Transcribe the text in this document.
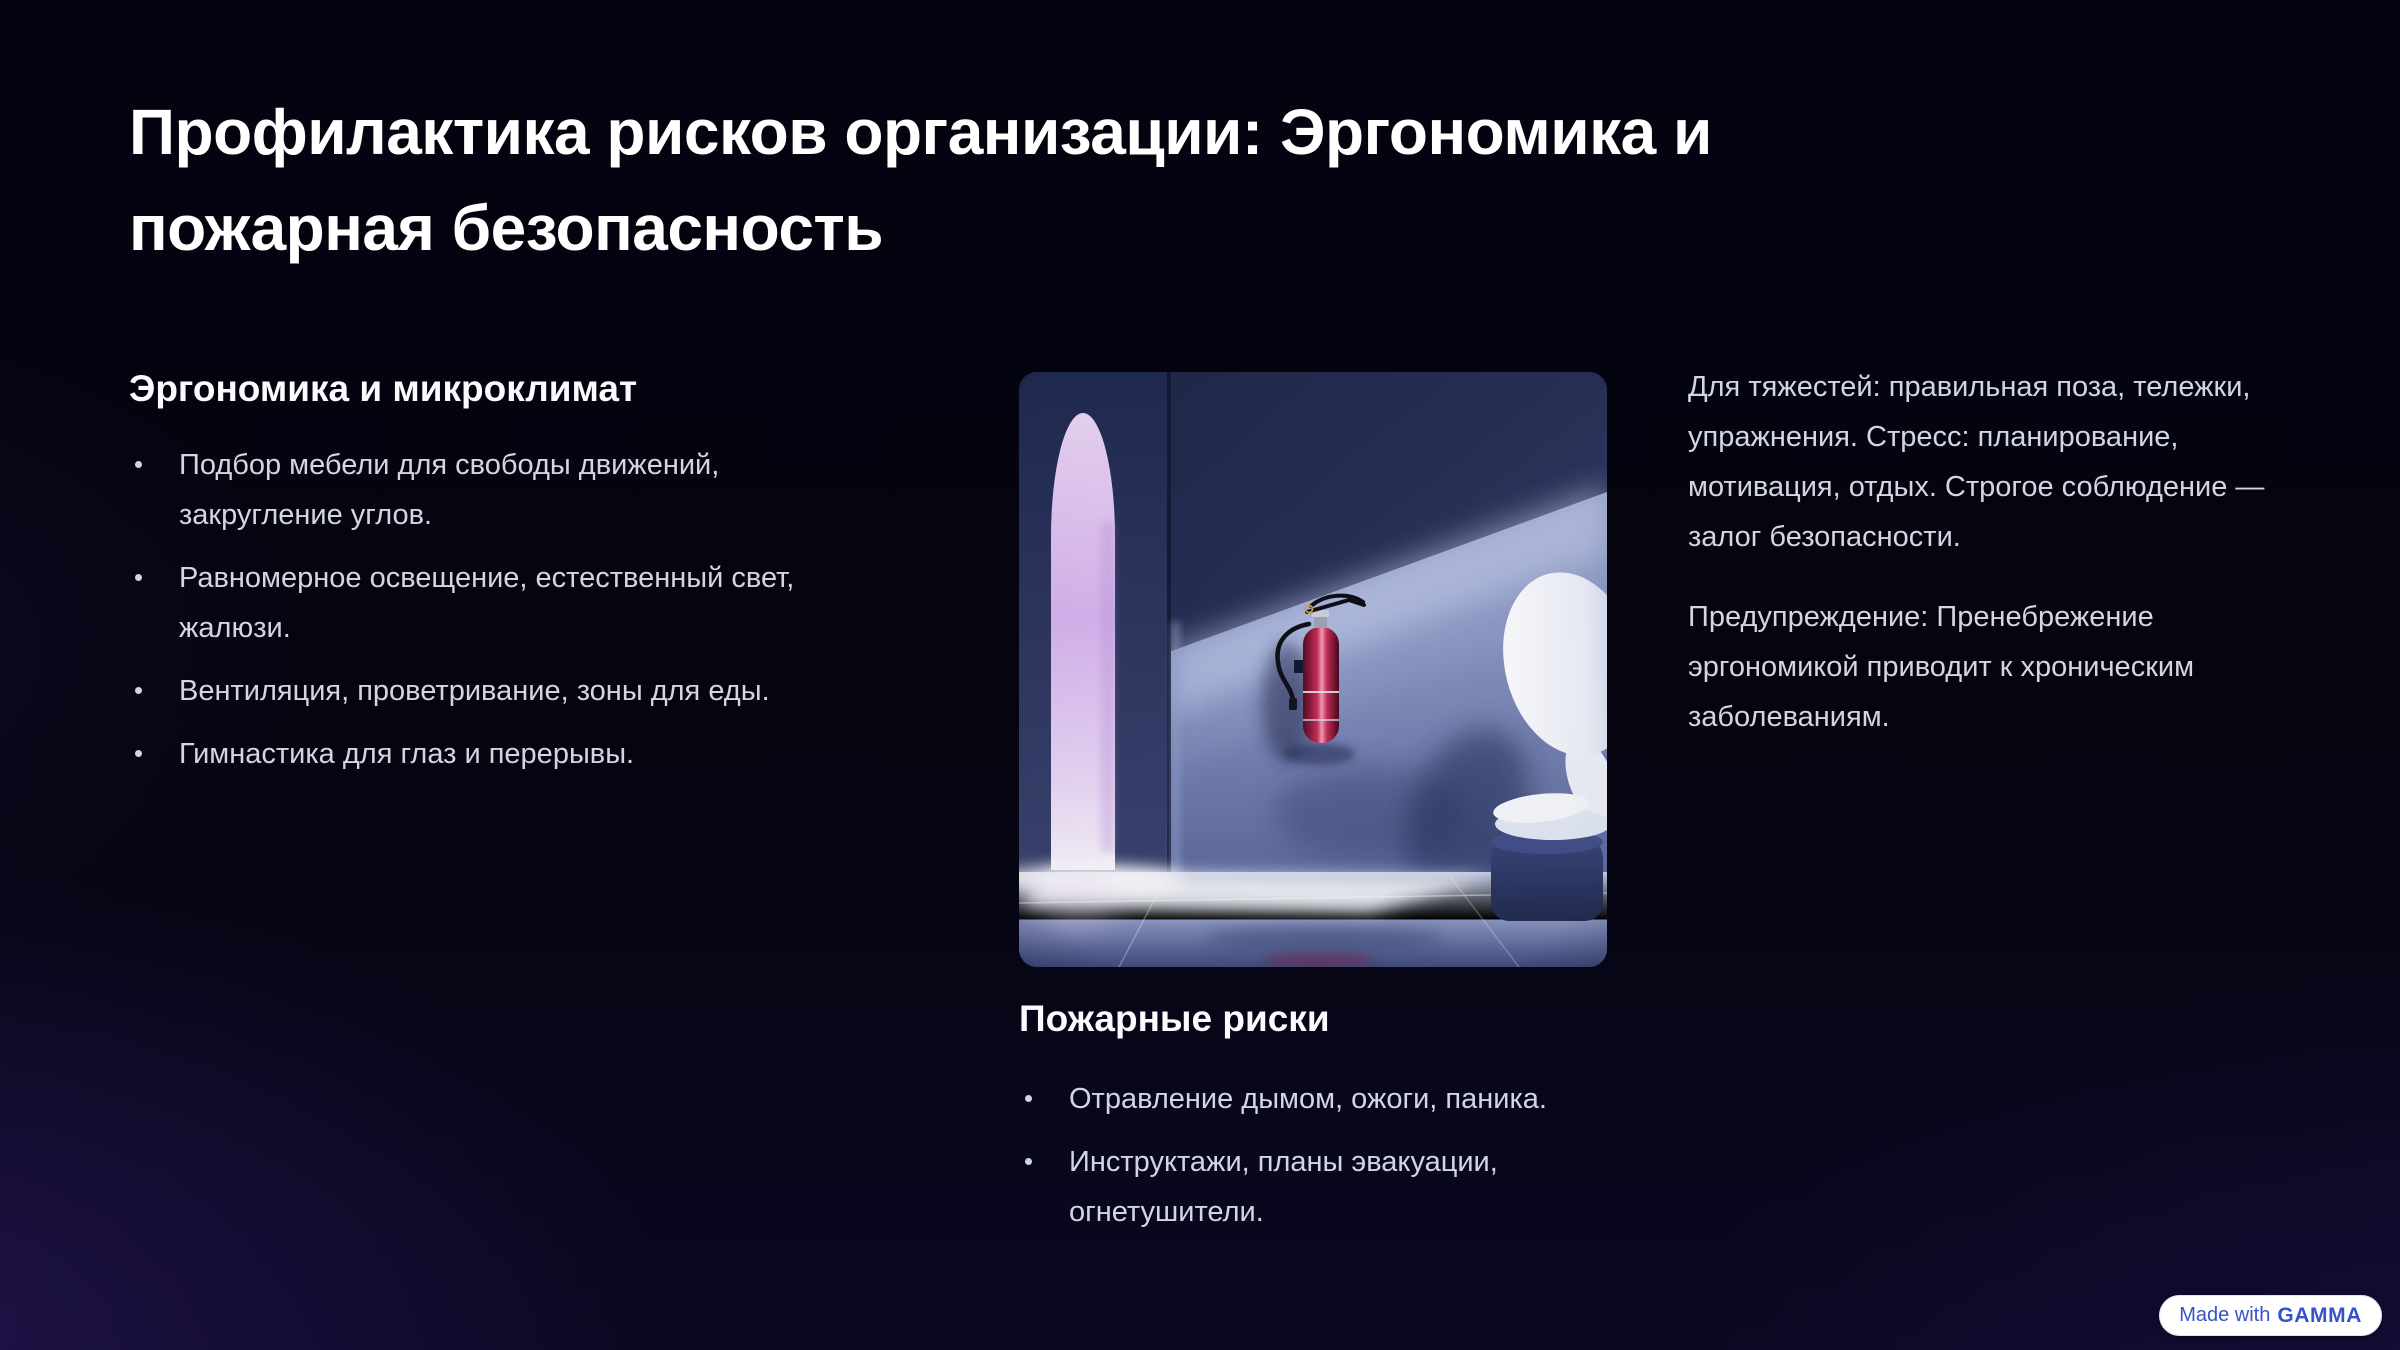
Профилактика рисков организации: Эргономика и
пожарная безопасность
Эргономика и микроклимат
Подбор мебели для свободы движений, закругление углов.
Равномерное освещение, естественный свет, жалюзи.
Вентиляция, проветривание, зоны для еды.
Гимнастика для глаз и перерывы.
Пожарные риски
Отравление дымом, ожоги, паника.
Инструктажи, планы эвакуации, огнетушители.

Для тяжестей: правильная поза, тележки, упражнения. Стресс: планирование, мотивация, отдых. Строгое соблюдение — залог безопасности.

Предупреждение: Пренебрежение эргономикой приводит к хроническим заболеваниям.

Made with GAMMA
